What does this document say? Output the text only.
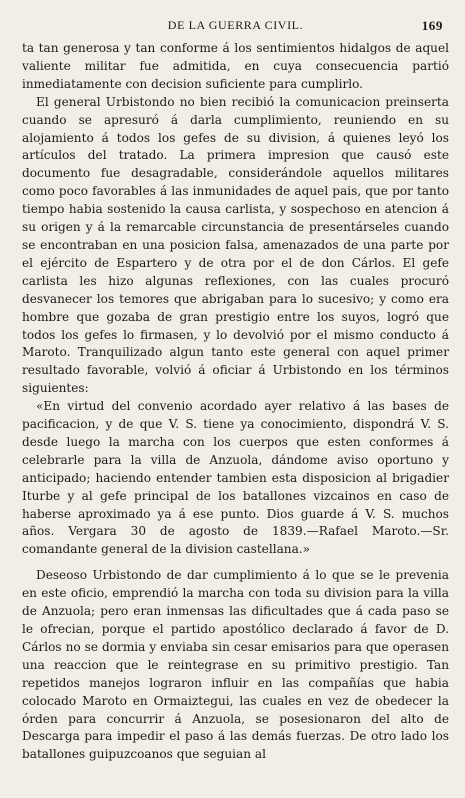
DE LA GUERRA CIVIL.	169

ta tan generosa y tan conforme á los sentimientos hidalgos de aquel valiente militar fue admitida, en cuya consecuencia partió inmediatamente con decision suficiente para cumplirlo.

El general Urbistondo no bien recibió la comunicacion preinserta cuando se apresuró á darla cumplimiento, reuniendo en su alojamiento á todos los gefes de su division, á quienes leyó los artículos del tratado. La primera impresion que causó este documento fue desagradable, considerándole aquellos militares como poco favorables á las inmunidades de aquel pais, que por tanto tiempo habia sostenido la causa carlista, y sospechoso en atencion á su origen y á la remarcable circunstancia de presentárseles cuando se encontraban en una posicion falsa, amenazados de una parte por el ejército de Espartero y de otra por el de don Cárlos. El gefe carlista les hizo algunas reflexiones, con las cuales procuró desvanecer los temores que abrigaban para lo sucesivo; y como era hombre que gozaba de gran prestigio entre los suyos, logró que todos los gefes lo firmasen, y lo devolvió por el mismo conducto á Maroto. Tranquilizado algun tanto este general con aquel primer resultado favorable, volvió á oficiar á Urbistondo en los términos siguientes:

«En virtud del convenio acordado ayer relativo á las bases de pacificacion, y de que V. S. tiene ya conocimiento, dispondrá V. S. desde luego la marcha con los cuerpos que esten conformes á celebrarle para la villa de Anzuola, dándome aviso oportuno y anticipado; haciendo entender tambien esta disposicion al brigadier Iturbe y al gefe principal de los batallones vizcainos en caso de haberse aproximado ya á ese punto. Dios guarde á V. S. muchos años. Vergara 30 de agosto de 1839.—Rafael Maroto.—Sr. comandante general de la division castellana.»

Deseoso Urbistondo de dar cumplimiento á lo que se le prevenia en este oficio, emprendió la marcha con toda su division para la villa de Anzuola; pero eran inmensas las dificultades que á cada paso se le ofrecian, porque el partido apostólico declarado á favor de D. Cárlos no se dormia y enviaba sin cesar emisarios para que operasen una reaccion que le reintegrase en su primitivo prestigio. Tan repetidos manejos lograron influir en las compañías que habia colocado Maroto en Ormaiztegui, las cuales en vez de obedecer la órden para concurrir á Anzuola, se posesionaron del alto de Descarga para impedir el paso á las demás fuerzas. De otro lado los batallones guipuzcoanos que seguian al
